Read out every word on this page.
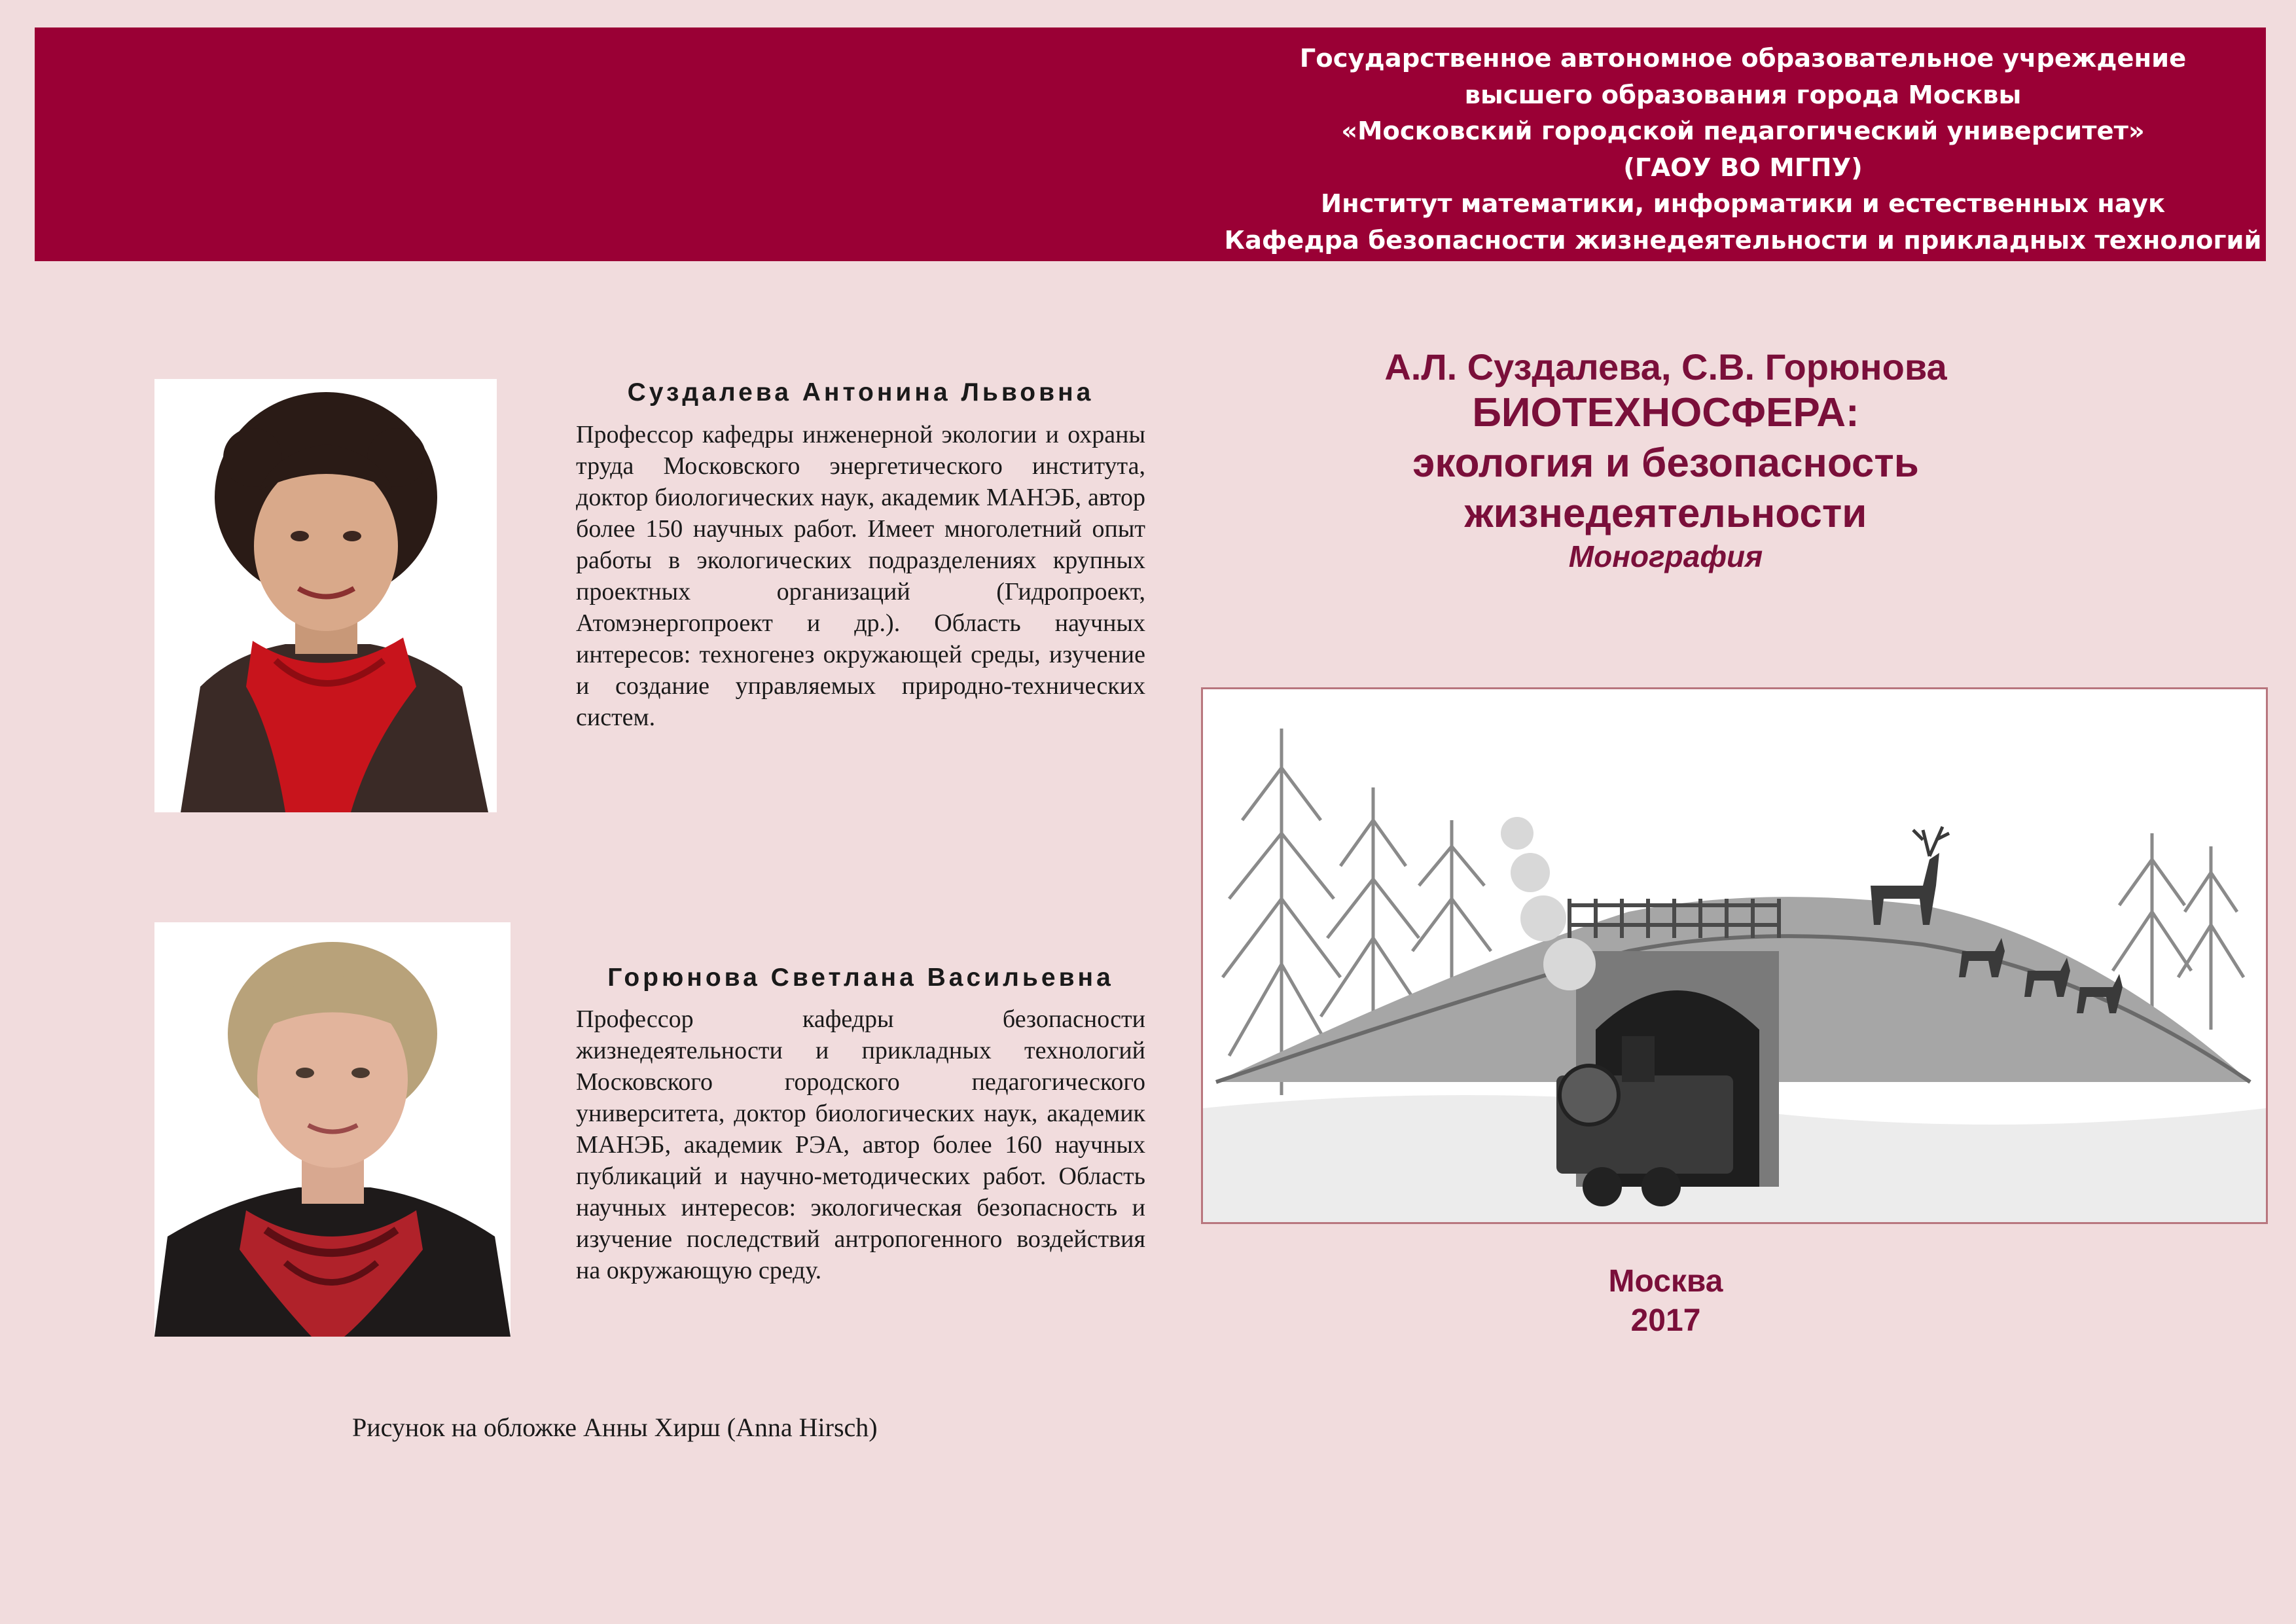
Государственное автономное образовательное учреждение
высшего образования города Москвы
«Московский городской педагогический университет»
(ГАОУ ВО МГПУ)
Институт математики, информатики и естественных наук
Кафедра безопасности жизнедеятельности и прикладных технологий
Суздалева Антонина Львовна
Профессор кафедры инженерной экологии и охраны труда Московского энергетического института, доктор биологических наук, академик МАНЭБ, автор более 150 научных работ. Имеет многолетний опыт работы в экологических подразделениях крупных проектных организаций (Гидропроект, Атомэнергопроект и др.). Область научных интересов: техногенез окружающей среды, изучение и создание управляемых природно-технических систем.
Горюнова Светлана Васильевна
Профессор кафедры безопасности жизнедеятельности и прикладных технологий Московского городского педагогического университета, доктор биологических наук, академик МАНЭБ, академик РЭА, автор более 160 научных публикаций и научно-методических работ. Область научных интересов: экологическая безопасность и изучение последствий антропогенного воздействия на окружающую среду.
А.Л. Суздалева, С.В. Горюнова
БИОТЕХНОСФЕРА:
экология и безопасность
жизнедеятельности
Монография
Москва
2017
Рисунок на обложке Анны Хирш (Anna Hirsch)
